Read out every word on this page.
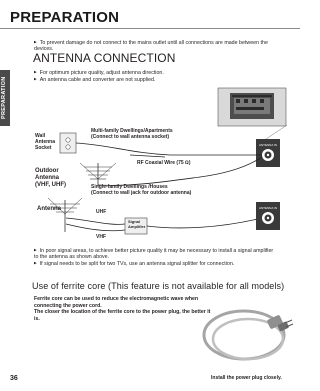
PREPARATION
PREPARATION
▶ To prevent damage do not connect to the mains outlet until all connections are made between the devices.
ANTENNA CONNECTION
▶ For optimum picture quality, adjust antenna direction.
▶ An antenna cable and converter are not supplied.
ANTENNA IN
Wall
Antenna
Socket
Multi-family Dwellings/Apartments
(Connect to wall antenna socket)
RF Coaxial Wire (75 Ω)
Outdoor
Antenna
(VHF, UHF)	Single-family Dwellings /Houses
(Connect to wall jack for outdoor antenna)
ANTENNA IN
Antenna	UHF
VHF
Signal
Amplifier
▶ In poor signal areas, to achieve better picture quality it may be necessary to install a signal amplifier to the antenna as shown above.
▶ If signal needs to be split for two TVs, use an antenna signal splitter for connection.
Use of ferrite core (This feature is not available for all models)
Ferrite core can be used to reduce the electromagnetic wave when connecting the power cord.
The closer the location of the ferrite core to the power plug, the better it is.
Install the power plug closely.
36
